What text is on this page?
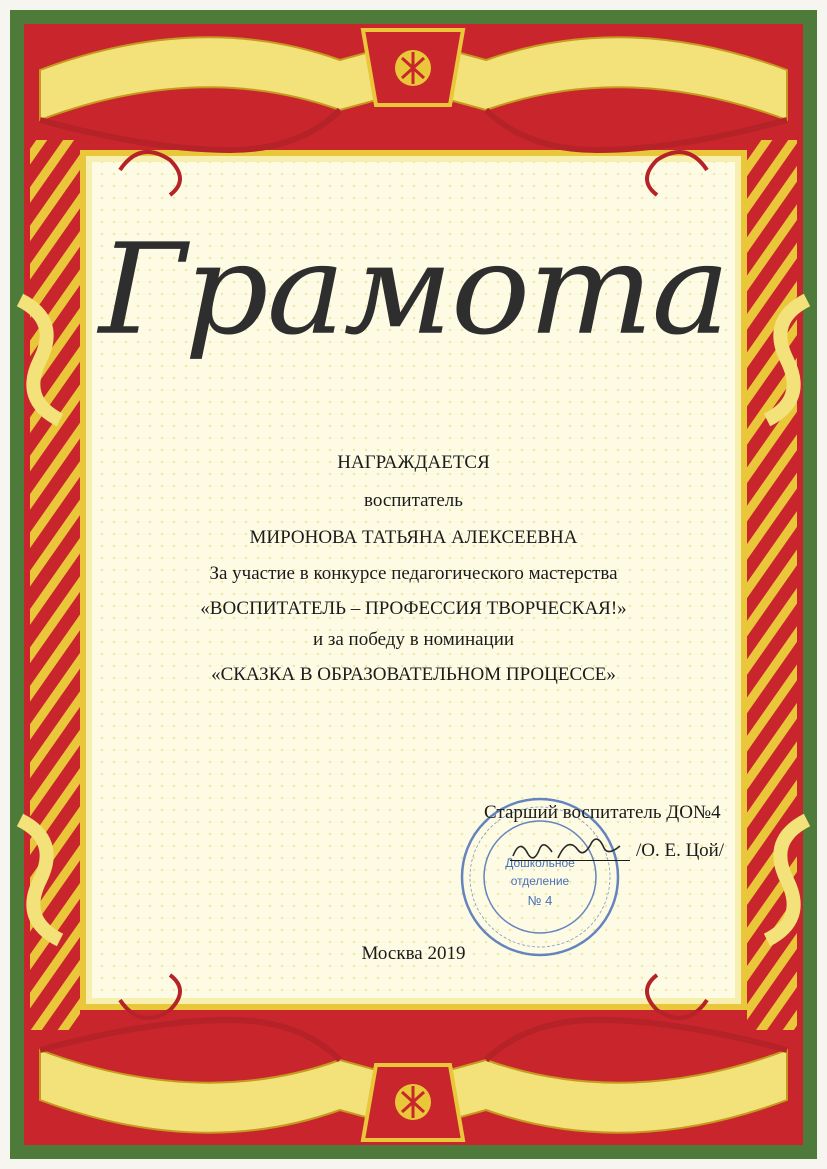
Грамота
НАГРАЖДАЕТСЯ
воспитатель
МИРОНОВА ТАТЬЯНА АЛЕКСЕЕВНА
За участие в конкурсе педагогического мастерства
«ВОСПИТАТЕЛЬ – ПРОФЕССИЯ ТВОРЧЕСКАЯ!»
и за победу в номинации
«СКАЗКА В ОБРАЗОВАТЕЛЬНОМ ПРОЦЕССЕ»
Дошкольное
отделение
№ 4
Старший воспитатель ДО№4
/О. Е. Цой/
Москва 2019
